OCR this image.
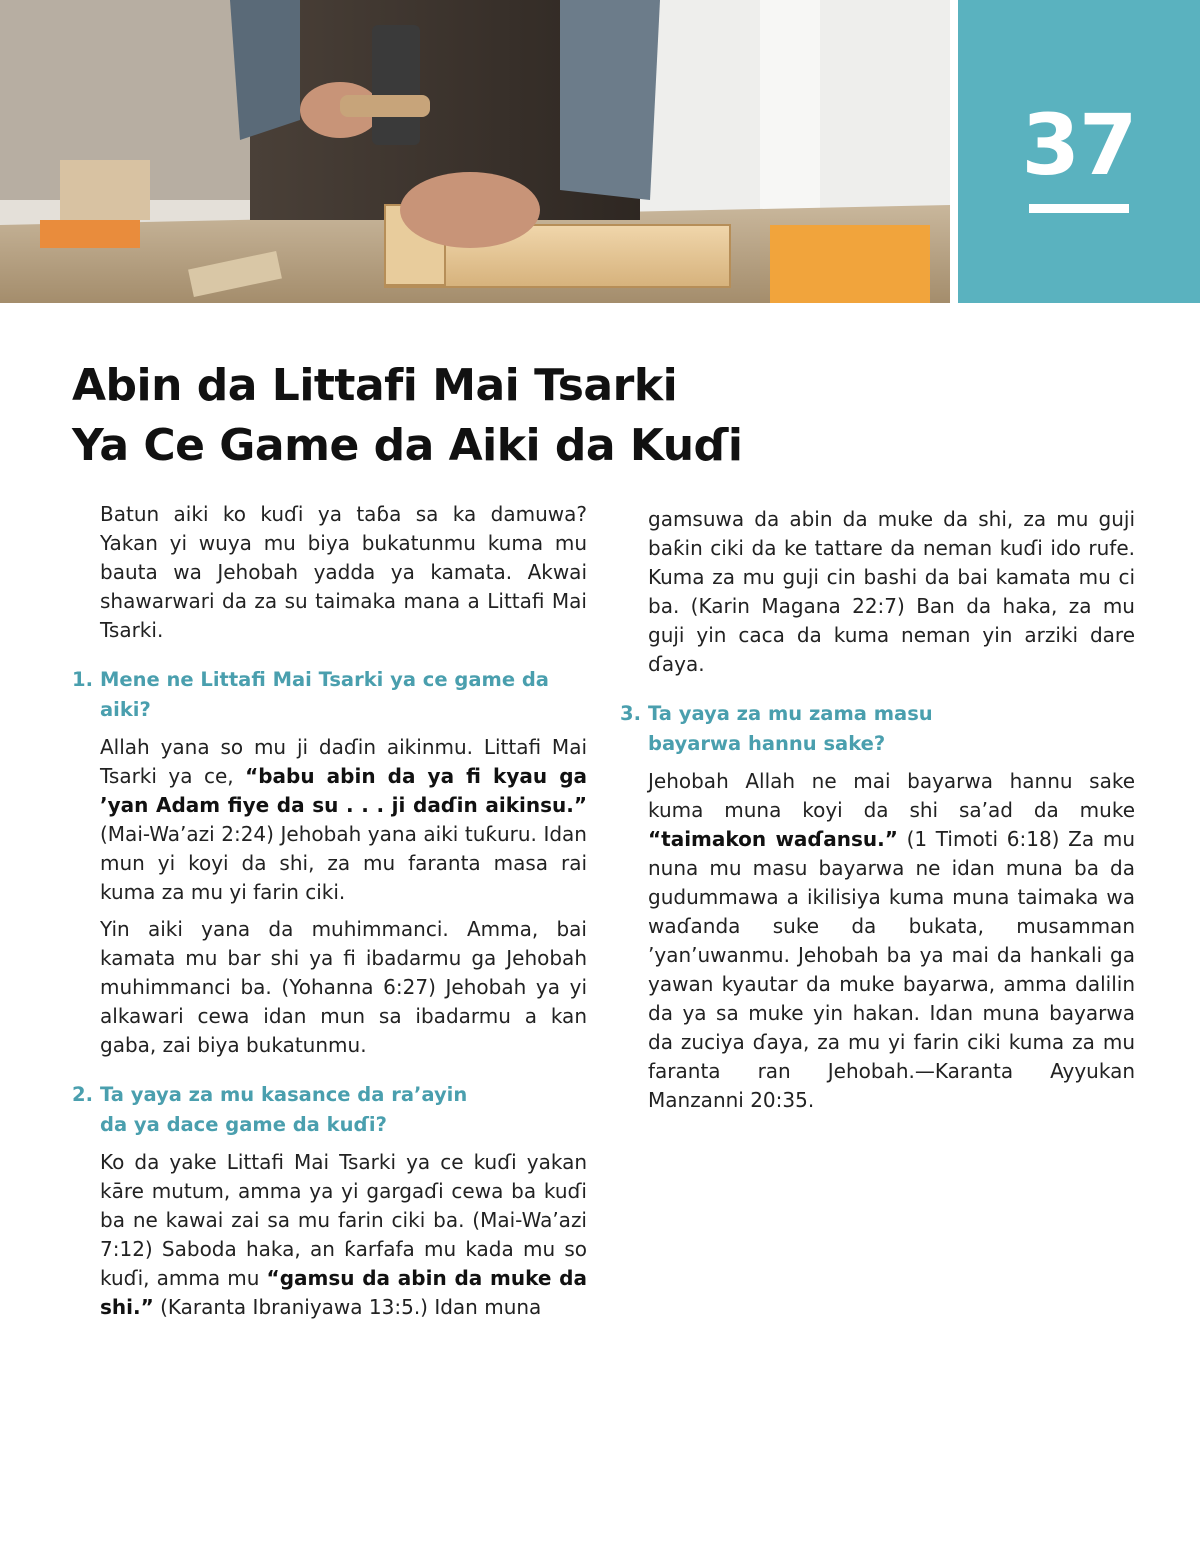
37
Abin da Littafi Mai Tsarki
Ya Ce Game da Aiki da Kuɗi

Batun aiki ko kuɗi ya taɓa sa ka damuwa? Yakan yi wuya mu biya bukatunmu kuma mu bauta wa Jehobah yadda ya kamata. Akwai shawarwari da za su taimaka mana a Littafi Mai Tsarki.

1. Mene ne Littafi Mai Tsarki ya ce game da aiki?

Allah yana so mu ji daɗin aikinmu. Littafi Mai Tsarki ya ce, “babu abin da ya fi kyau ga ’yan Adam fiye da su . . . ji daɗin aikinsu.” (Mai-Wa’azi 2:24) Jehobah yana aiki tuƙuru. Idan mun yi koyi da shi, za mu faranta masa rai kuma za mu yi farin ciki.

Yin aiki yana da muhimmanci. Amma, bai kamata mu bar shi ya fi ibadarmu ga Jehobah muhimmanci ba. (Yohanna 6:27) Jehobah ya yi alkawari cewa idan mun sa ibadarmu a kan gaba, zai biya bukatunmu.

2. Ta yaya za mu kasance da ra’ayin da ya dace game da kuɗi?

Ko da yake Littafi Mai Tsarki ya ce kuɗi yakan kāre mutum, amma ya yi gargaɗi cewa ba kuɗi ba ne kawai zai sa mu farin ciki ba. (Mai-Wa’azi 7:12) Saboda haka, an ƙarfafa mu kada mu so kuɗi, amma mu “gamsu da abin da muke da shi.” (Karanta Ibraniyawa 13:5.) Idan muna

gamsuwa da abin da muke da shi, za mu guji baƙin ciki da ke tattare da neman kuɗi ido rufe. Kuma za mu guji cin bashi da bai kamata mu ci ba. (Karin Magana 22:7) Ban da haka, za mu guji yin caca da kuma neman yin arziki dare ɗaya.

3. Ta yaya za mu zama masu bayarwa hannu sake?

Jehobah Allah ne mai bayarwa hannu sake kuma muna koyi da shi sa’ad da muke “taimakon waɗansu.” (1 Timoti 6:18) Za mu nuna mu masu bayarwa ne idan muna ba da gudummawa a ikilisiya kuma muna taimaka wa waɗanda suke da bukata, musamman ’yan’uwanmu. Jehobah ba ya mai da hankali ga yawan kyautar da muke bayarwa, amma dalilin da ya sa muke yin hakan. Idan muna bayarwa da zuciya ɗaya, za mu yi farin ciki kuma za mu faranta ran Jehobah.—Karanta Ayyukan Manzanni 20:35.
